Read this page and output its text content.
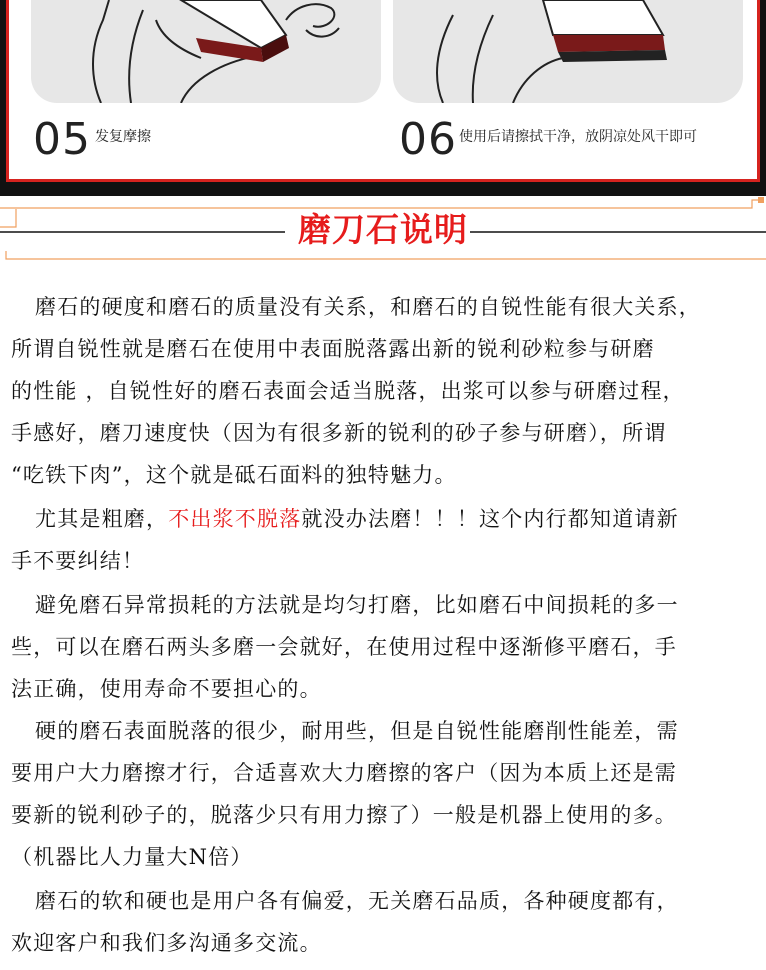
05 发复摩擦	06 使用后请擦拭干净，放阴凉处风干即可
磨刀石说明
磨石的硬度和磨石的质量没有关系，和磨石的自锐性能有很大关系，
所谓自锐性就是磨石在使用中表面脱落露出新的锐利砂粒参与研磨
的性能 ，自锐性好的磨石表面会适当脱落，出浆可以参与研磨过程，
手感好，磨刀速度快（因为有很多新的锐利的砂子参与研磨），所谓
“吃铁下肉”，这个就是砥石面料的独特魅力。
尤其是粗磨，不出浆不脱落就没办法磨！！！这个内行都知道请新
手不要纠结！
避免磨石异常损耗的方法就是均匀打磨，比如磨石中间损耗的多一
些，可以在磨石两头多磨一会就好，在使用过程中逐渐修平磨石，手
法正确，使用寿命不要担心的。
硬的磨石表面脱落的很少，耐用些，但是自锐性能磨削性能差，需
要用户大力磨擦才行，合适喜欢大力磨擦的客户（因为本质上还是需
要新的锐利砂子的，脱落少只有用力擦了）一般是机器上使用的多。
（机器比人力量大N倍）
磨石的软和硬也是用户各有偏爱，无关磨石品质，各种硬度都有，
欢迎客户和我们多沟通多交流。
